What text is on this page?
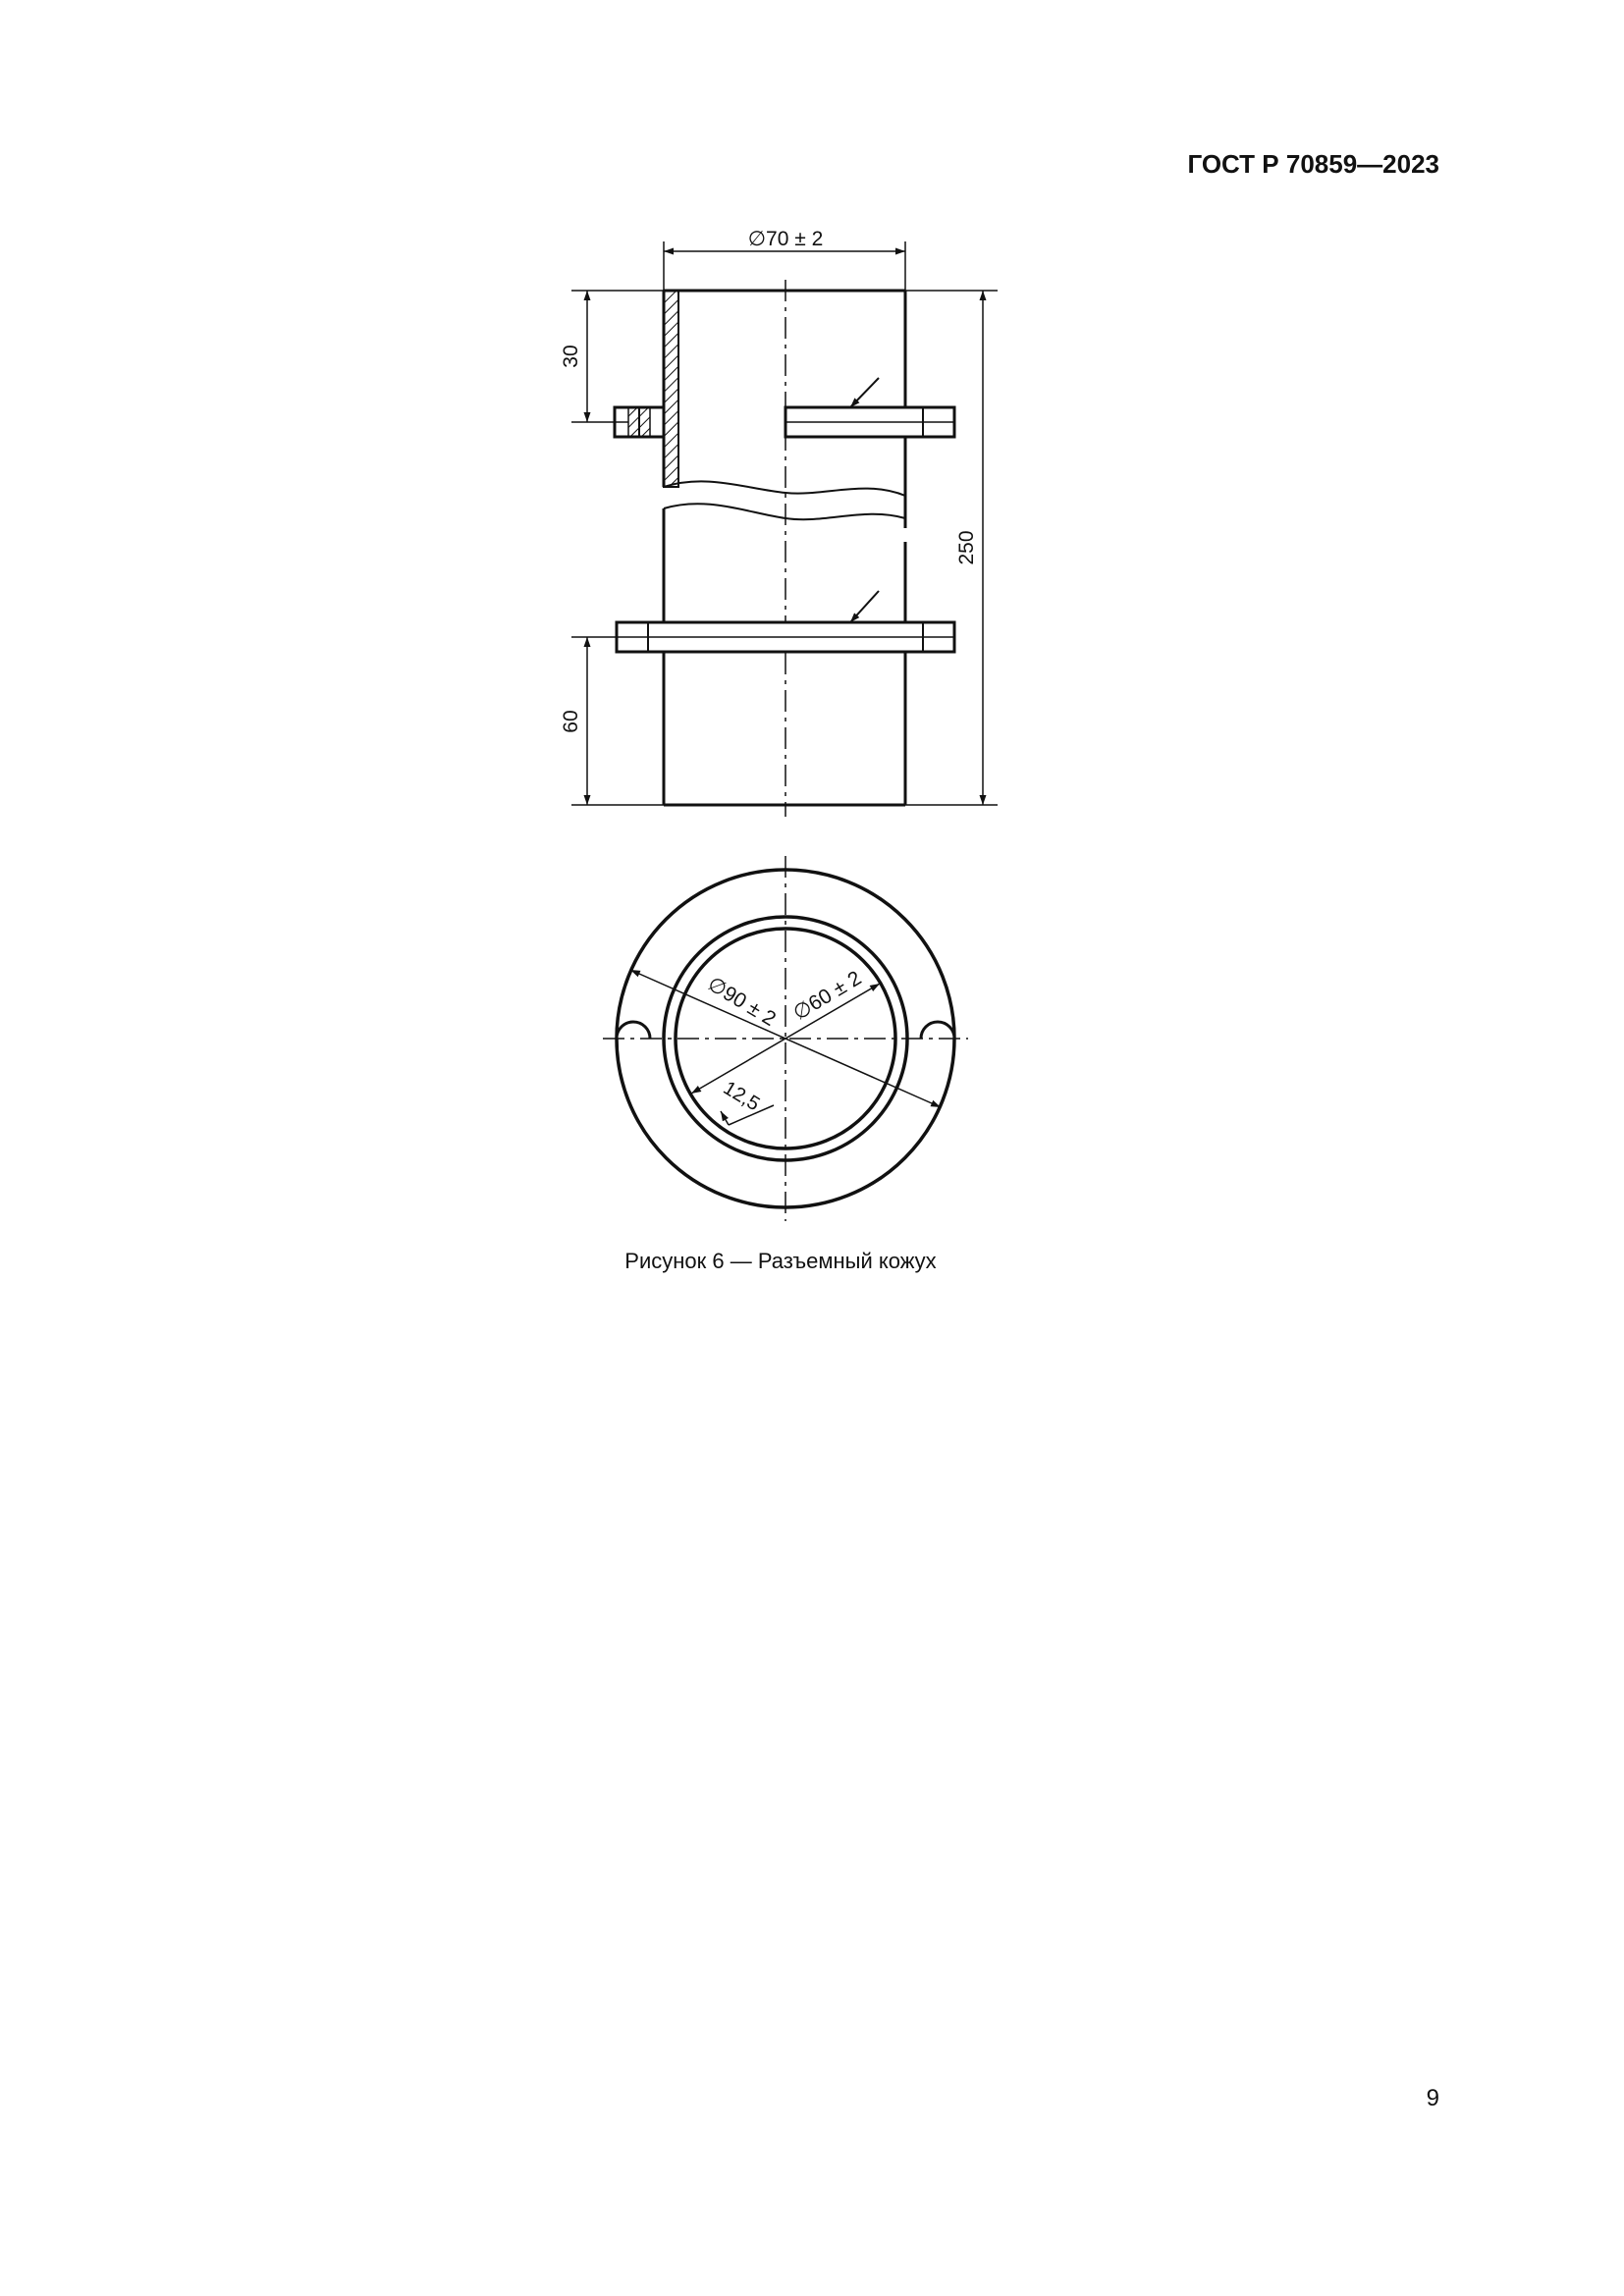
ГОСТ Р 70859—2023
∅70 ± 2
30
60
250
∅90 ± 2 ∅60 ± 2
12,5
Рисунок 6 — Разъемный кожух
9
